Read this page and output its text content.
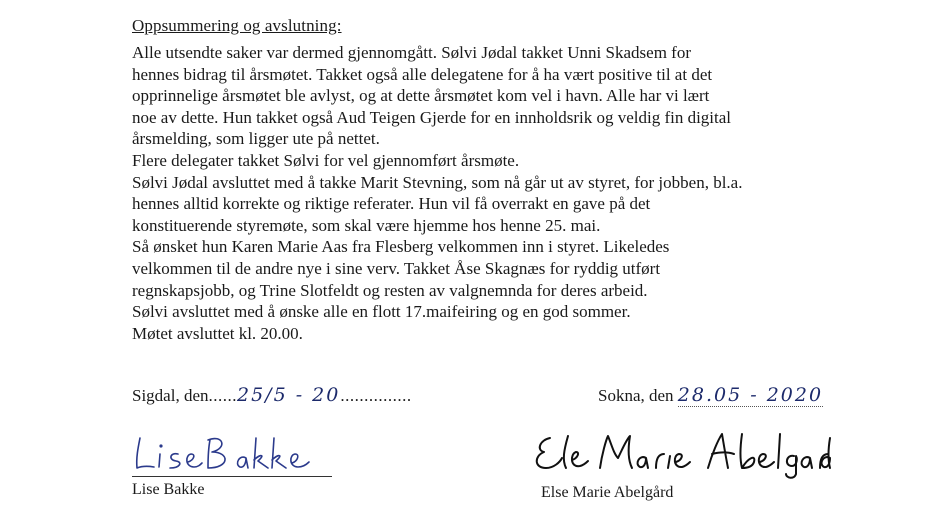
Oppsummering og avslutning:
Alle utsendte saker var dermed gjennomgått. Sølvi Jødal takket Unni Skadsem for
hennes bidrag til årsmøtet. Takket også alle delegatene for å ha vært positive til at det
opprinnelige årsmøtet ble avlyst, og at dette årsmøtet kom vel i havn. Alle har vi lært
noe av dette. Hun takket også Aud Teigen Gjerde for en innholdsrik og veldig fin digital
årsmelding, som ligger ute på nettet.
Flere delegater takket Sølvi for vel gjennomført årsmøte.
Sølvi Jødal avsluttet med å takke Marit Stevning, som nå går ut av styret, for jobben, bl.a.
hennes alltid korrekte og riktige referater. Hun vil få overrakt en gave på det
konstituerende styremøte, som skal være hjemme hos henne 25. mai.
Så ønsket hun Karen Marie Aas fra Flesberg velkommen inn i styret. Likeledes
velkommen til de andre nye i sine verv. Takket Åse Skagnæs for ryddig utført
regnskapsjobb, og Trine Slotfeldt og resten av valgnemnda for deres arbeid.
Sølvi avsluttet med å ønske alle en flott 17.maifeiring og en god sommer.
Møtet avsluttet kl. 20.00.
Sigdal, den......25/5 - 20...............	Sokna, den 28.05 - 2020
Lise Bakke	Else Marie Abelgård
